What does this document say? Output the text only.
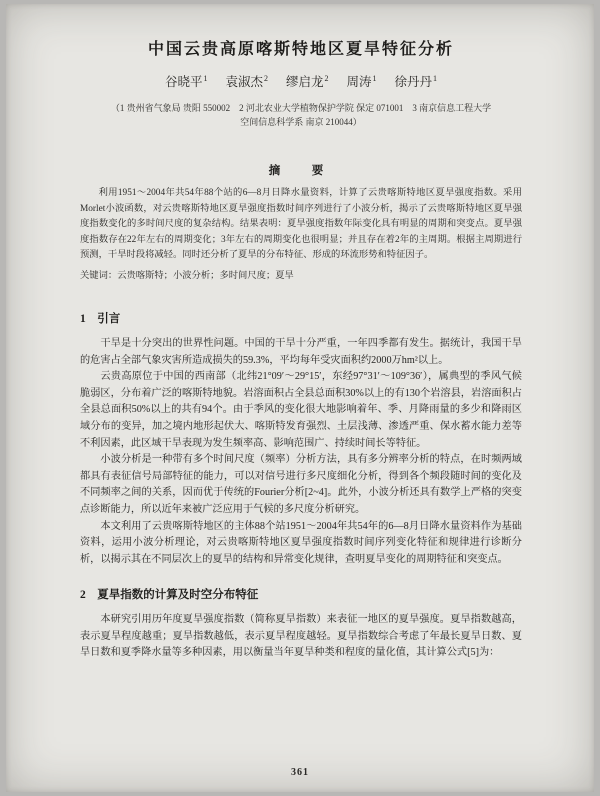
中国云贵高原喀斯特地区夏旱特征分析
谷晓平$^1$ 袁淑杰$^2$ 缪启龙$^2$ 周涛$^1$ 徐丹丹$^1$
（1 贵州省气象局 贵阳 550002　2 河北农业大学植物保护学院 保定 071001　3 南京信息工程大学
空间信息科学系 南京 210044）
摘　要

利用1951～2004年共54年88个站的6—8月日降水量资料，计算了云贵喀斯特地区夏旱强度指数。采用Morlet小波函数，对云贵喀斯特地区夏旱强度指数时间序列进行了小波分析，揭示了云贵喀斯特地区夏旱强度指数变化的多时间尺度的复杂结构。结果表明：夏旱强度指数年际变化具有明显的周期和突变点。夏旱强度指数存在22年左右的周期变化；3年左右的周期变化也很明显；并且存在着2年的主周期。根据主周期进行预测，干旱时段将减轻。同时还分析了夏旱的分布特征、形成的环流形势和特征因子。

关键词：云贵喀斯特；小波分析；多时间尺度；夏旱

1　引言

干旱是十分突出的世界性问题。中国的干旱十分严重，一年四季都有发生。据统计，我国干旱的危害占全部气象灾害所造成损失的59.3%，平均每年受灾面积约2000万hm²以上。

云贵高原位于中国的西南部（北纬21°09′～29°15′，东经97°31′～109°36′），属典型的季风气候脆弱区，分布着广泛的喀斯特地貌。岩溶面积占全县总面积30%以上的有130个岩溶县，岩溶面积占全县总面积50%以上的共有94个。由于季风的变化很大地影响着年、季、月降雨量的多少和降雨区域分布的变异，加之境内地形起伏大、喀斯特发育强烈、土层浅薄、渗透严重、保水蓄水能力差等不利因素，此区域干旱表现为发生频率高、影响范围广、持续时间长等特征。

小波分析是一种带有多个时间尺度（频率）分析方法，具有多分辨率分析的特点，在时频两域都具有表征信号局部特征的能力，可以对信号进行多尺度细化分析，得到各个频段随时间的变化及不同频率之间的关系，因而优于传统的Fourier分析[2~4]。此外，小波分析还具有数学上严格的突变点诊断能力，所以近年来被广泛应用于气候的多尺度分析研究。

本文利用了云贵喀斯特地区的主体88个站1951～2004年共54年的6—8月日降水量资料作为基础资料，运用小波分析理论，对云贵喀斯特地区夏旱强度指数时间序列变化特征和规律进行诊断分析，以揭示其在不同层次上的夏旱的结构和异常变化规律，查明夏旱变化的周期特征和突变点。

2　夏旱指数的计算及时空分布特征

本研究引用历年度夏旱强度指数（简称夏旱指数）来表征一地区的夏旱强度。夏旱指数越高，表示夏旱程度越重；夏旱指数越低，表示夏旱程度越轻。夏旱指数综合考虑了年最长夏旱日数、夏旱日数和夏季降水量等多种因素，用以衡量当年夏旱种类和程度的量化值，其计算公式[5]为：

361
